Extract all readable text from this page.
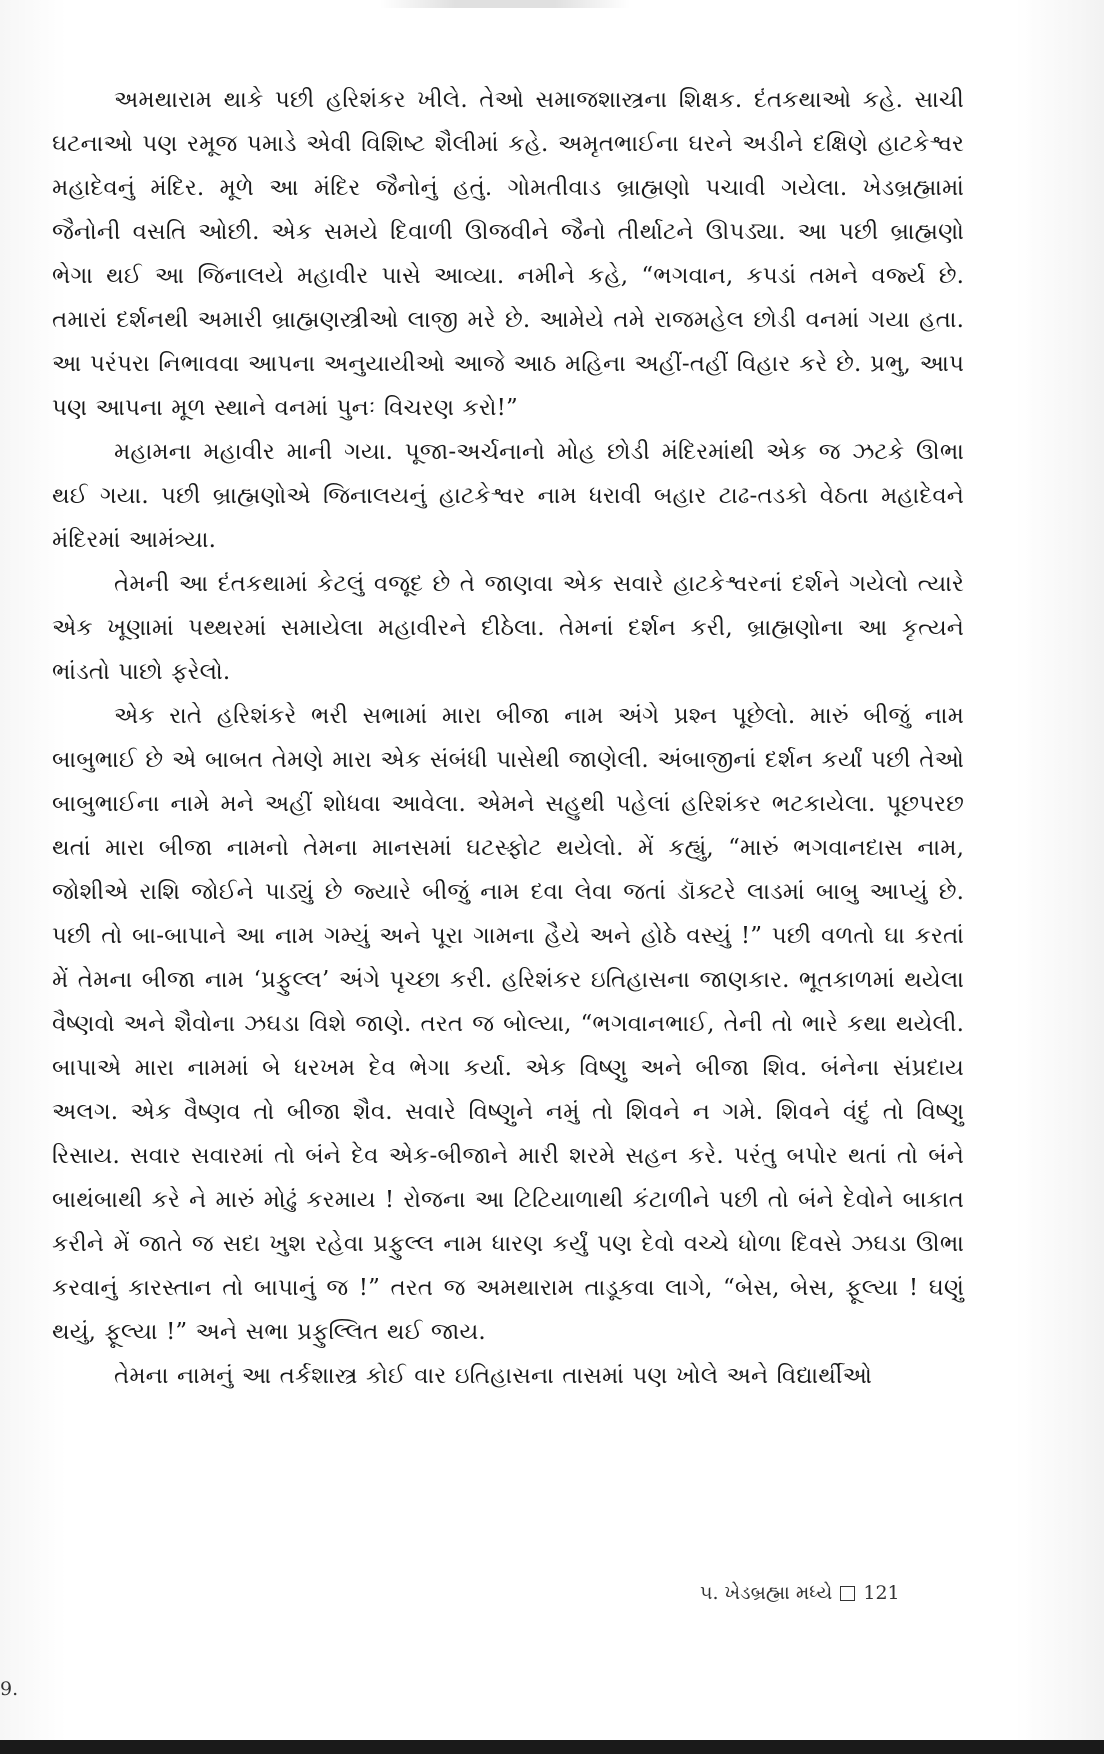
અમથારામ થાકે પછી હરિશંકર ખીલે. તેઓ સમાજશાસ્ત્રના શિક્ષક. દંતકથાઓ કહે. સાચી ઘટનાઓ પણ રમૂજ પમાડે એવી વિશિષ્ટ શૈલીમાં કહે. અમૃતભાઈના ઘરને અડીને દક્ષિણે હાટકેશ્વર મહાદેવનું મંદિર. મૂળે આ મંદિર જૈનોનું હતું. ગોમતીવાડ બ્રાહ્મણો પચાવી ગયેલા. ખેડબ્રહ્મામાં જૈનોની વસતિ ઓછી. એક સમયે દિવાળી ઊજવીને જૈનો તીર્થાટને ઊપડ્યા. આ પછી બ્રાહ્મણો ભેગા થઈ આ જિનાલયે મહાવીર પાસે આવ્યા. નમીને કહે, “ભગવાન, કપડાં તમને વર્જ્ય છે. તમારાં દર્શનથી અમારી બ્રાહ્મણસ્ત્રીઓ લાજી મરે છે. આમેયે તમે રાજમહેલ છોડી વનમાં ગયા હતા. આ પરંપરા નિભાવવા આપના અનુયાયીઓ આજે આઠ મહિના અહીં-તહીં વિહાર કરે છે. પ્રભુ, આપ પણ આપના મૂળ સ્થાને વનમાં પુનઃ વિચરણ કરો!”

મહામના મહાવીર માની ગયા. પૂજા-અર્ચનાનો મોહ છોડી મંદિરમાંથી એક જ ઝટકે ઊભા થઈ ગયા. પછી બ્રાહ્મણોએ જિનાલયનું હાટકેશ્વર નામ ધરાવી બહાર ટાઢ-તડકો વેઠતા મહાદેવને મંદિરમાં આમંત્ર્યા.

તેમની આ દંતકથામાં કેટલું વજૂદ છે તે જાણવા એક સવારે હાટકેશ્વરનાં દર્શને ગયેલો ત્યારે એક ખૂણામાં પથ્થરમાં સમાયેલા મહાવીરને દીઠેલા. તેમનાં દર્શન કરી, બ્રાહ્મણોના આ કૃત્યને ભાંડતો પાછો ફરેલો.

એક રાતે હરિશંકરે ભરી સભામાં મારા બીજા નામ અંગે પ્રશ્ન પૂછેલો. મારું બીજું નામ બાબુભાઈ છે એ બાબત તેમણે મારા એક સંબંધી પાસેથી જાણેલી. અંબાજીનાં દર્શન કર્યાં પછી તેઓ બાબુભાઈના નામે મને અહીં શોધવા આવેલા. એમને સહુથી પહેલાં હરિશંકર ભટકાયેલા. પૂછપરછ થતાં મારા બીજા નામનો તેમના માનસમાં ઘટસ્ફોટ થયેલો. મેં કહ્યું, “મારું ભગવાનદાસ નામ, જોશીએ રાશિ જોઈને પાડ્યું છે જ્યારે બીજું નામ દવા લેવા જતાં ડૉક્ટરે લાડમાં બાબુ આપ્યું છે. પછી તો બા-બાપાને આ નામ ગમ્યું અને પૂરા ગામના હૈયે અને હોઠે વસ્યું !” પછી વળતો ઘા કરતાં મેં તેમના બીજા નામ ‘પ્રફુલ્લ’ અંગે પૃચ્છા કરી. હરિશંકર ઇતિહાસના જાણકાર. ભૂતકાળમાં થયેલા વૈષ્ણવો અને શૈવોના ઝઘડા વિશે જાણે. તરત જ બોલ્યા, “ભગવાનભાઈ, તેની તો ભારે કથા થયેલી. બાપાએ મારા નામમાં બે ધરખમ દેવ ભેગા કર્યા. એક વિષ્ણુ અને બીજા શિવ. બંનેના સંપ્રદાય અલગ. એક વૈષ્ણવ તો બીજા શૈવ. સવારે વિષ્ણુને નમું તો શિવને ન ગમે. શિવને વંદું તો વિષ્ણુ રિસાય. સવાર સવારમાં તો બંને દેવ એક-બીજાને મારી શરમે સહન કરે. પરંતુ બપોર થતાં તો બંને બાથંબાથી કરે ને મારું મોઢું કરમાય ! રોજના આ ટિટિયાળાથી કંટાળીને પછી તો બંને દેવોને બાકાત કરીને મેં જાતે જ સદા ખુશ રહેવા પ્રફુલ્લ નામ ધારણ કર્યું પણ દેવો વચ્ચે ધોળા દિવસે ઝઘડા ઊભા કરવાનું કારસ્તાન તો બાપાનું જ !” તરત જ અમથારામ તાડૂકવા લાગે, “બેસ, બેસ, ફૂલ્યા ! ઘણું થયું, ફૂલ્યા !” અને સભા પ્રફુલ્લિત થઈ જાય.

તેમના નામનું આ તર્કશાસ્ત્ર કોઈ વાર ઇતિહાસના તાસમાં પણ ખોલે અને વિદ્યાર્થીઓ

૫. ખેડબ્રહ્મા મધ્યે 121
9.
